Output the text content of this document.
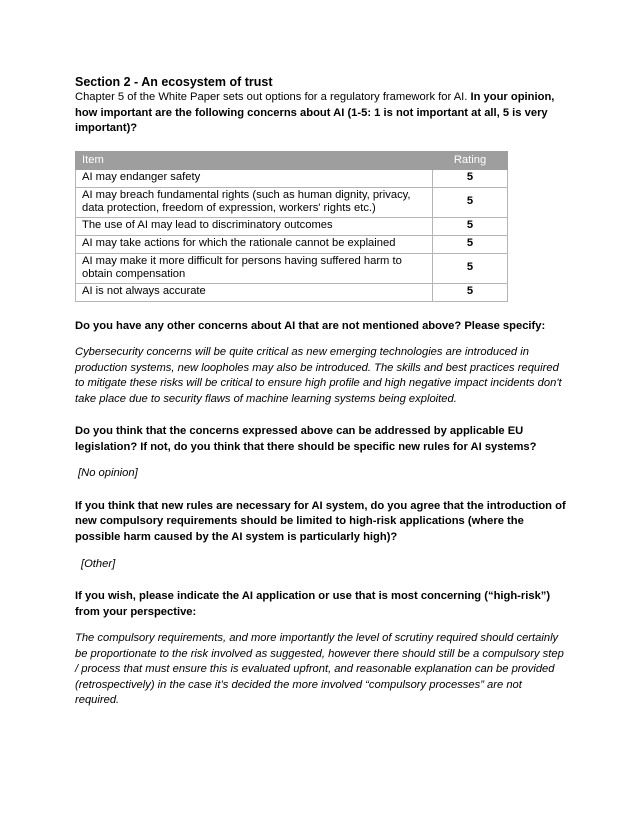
Section 2 - An ecosystem of trust

Chapter 5 of the White Paper sets out options for a regulatory framework for AI. In your opinion, how important are the following concerns about AI (1-5: 1 is not important at all, 5 is very important)?

Item	Rating
AI may endanger safety	5
AI may breach fundamental rights (such as human dignity, privacy, data protection, freedom of expression, workers' rights etc.)	5
The use of AI may lead to discriminatory outcomes	5
AI may take actions for which the rationale cannot be explained	5
AI may make it more difficult for persons having suffered harm to obtain compensation	5
AI is not always accurate	5

Do you have any other concerns about AI that are not mentioned above? Please specify:

Cybersecurity concerns will be quite critical as new emerging technologies are introduced in production systems, new loopholes may also be introduced. The skills and best practices required to mitigate these risks will be critical to ensure high profile and high negative impact incidents don't take place due to security flaws of machine learning systems being exploited.

Do you think that the concerns expressed above can be addressed by applicable EU legislation? If not, do you think that there should be specific new rules for AI systems?

[No opinion]

If you think that new rules are necessary for AI system, do you agree that the introduction of new compulsory requirements should be limited to high-risk applications (where the possible harm caused by the AI system is particularly high)?

[Other]

If you wish, please indicate the AI application or use that is most concerning (“high-risk”) from your perspective:

The compulsory requirements, and more importantly the level of scrutiny required should certainly be proportionate to the risk involved as suggested, however there should still be a compulsory step / process that must ensure this is evaluated upfront, and reasonable explanation can be provided (retrospectively) in the case it’s decided the more involved “compulsory processes” are not required.
